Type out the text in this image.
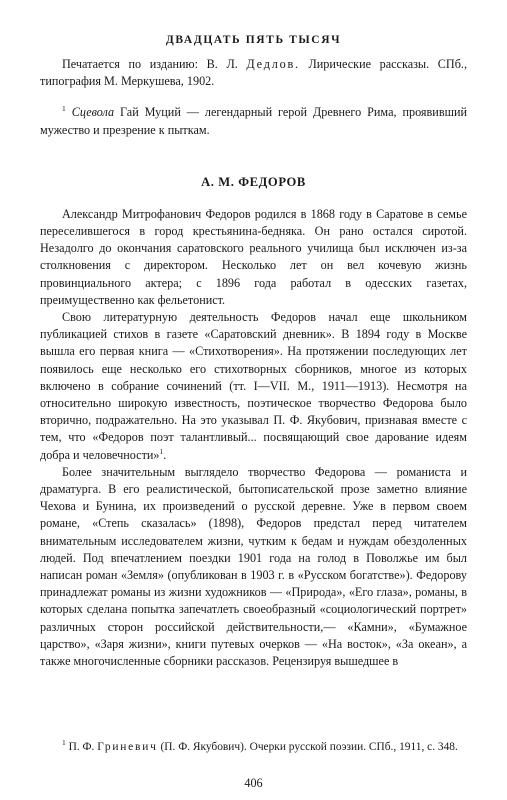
ДВАДЦАТЬ ПЯТЬ ТЫСЯЧ

Печатается по изданию: В. Л. Дедлов. Лирические рассказы. СПб., типография М. Меркушева, 1902.

$^1$ Сцевола Гай Муций — легендарный герой Древнего Рима, проявивший мужество и презрение к пыткам.

А. М. ФЕДОРОВ

Александр Митрофанович Федоров родился в 1868 году в Саратове в семье переселившегося в город крестьянина-бедняка. Он рано остался сиротой. Незадолго до окончания саратовского реального училища был исключен из-за столкновения с директором. Несколько лет он вел кочевую жизнь провинциального актера; с 1896 года работал в одесских газетах, преимущественно как фельетонист.

Свою литературную деятельность Федоров начал еще школьником публикацией стихов в газете «Саратовский дневник». В 1894 году в Москве вышла его первая книга — «Стихотворения». На протяжении последующих лет появилось еще несколько его стихотворных сборников, многое из которых включено в собрание сочинений (тт. I—VII. М., 1911—1913). Несмотря на относительно широкую известность, поэтическое творчество Федорова было вторично, подражательно. На это указывал П. Ф. Якубович, признавая вместе с тем, что «Федоров поэт талантливый... посвящающий свое дарование идеям добра и человечности»$^1$.

Более значительным выглядело творчество Федорова — романиста и драматурга. В его реалистической, бытописательской прозе заметно влияние Чехова и Бунина, их произведений о русской деревне. Уже в первом своем романе, «Степь сказалась» (1898), Федоров предстал перед читателем внимательным исследователем жизни, чутким к бедам и нуждам обездоленных людей. Под впечатлением поездки 1901 года на голод в Поволжье им был написан роман «Земля» (опубликован в 1903 г. в «Русском богатстве»). Федорову принадлежат романы из жизни художников — «Природа», «Его глаза», романы, в которых сделана попытка запечатлеть своеобразный «социологический портрет» различных сторон российской действительности,— «Камни», «Бумажное царство», «Заря жизни», книги путевых очерков — «На восток», «За океан», а также многочисленные сборники рассказов. Рецензируя вышедшее в

$^1$ П. Ф. Гриневич (П. Ф. Якубович). Очерки русской поэзии. СПб., 1911, с. 348.

406
